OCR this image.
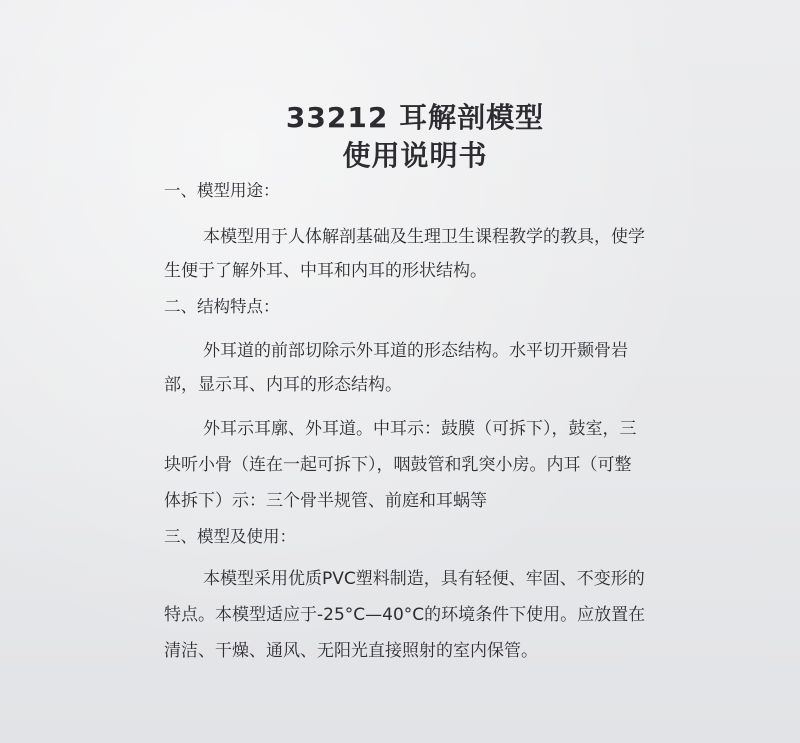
33212 耳解剖模型
使用说明书

一、模型用途：

本模型用于人体解剖基础及生理卫生课程教学的教具，使学

生便于了解外耳、中耳和内耳的形状结构。

二、结构特点：

外耳道的前部切除示外耳道的形态结构。水平切开颞骨岩

部，显示耳、内耳的形态结构。

外耳示耳廓、外耳道。中耳示：鼓膜（可拆下），鼓室，三

块听小骨（连在一起可拆下），咽鼓管和乳突小房。内耳（可整

体拆下）示：三个骨半规管、前庭和耳蜗等

三、模型及使用：

本模型采用优质PVC塑料制造，具有轻便、牢固、不变形的

特点。本模型适应于-25°C—40°C的环境条件下使用。应放置在

清洁、干燥、通风、无阳光直接照射的室内保管。
